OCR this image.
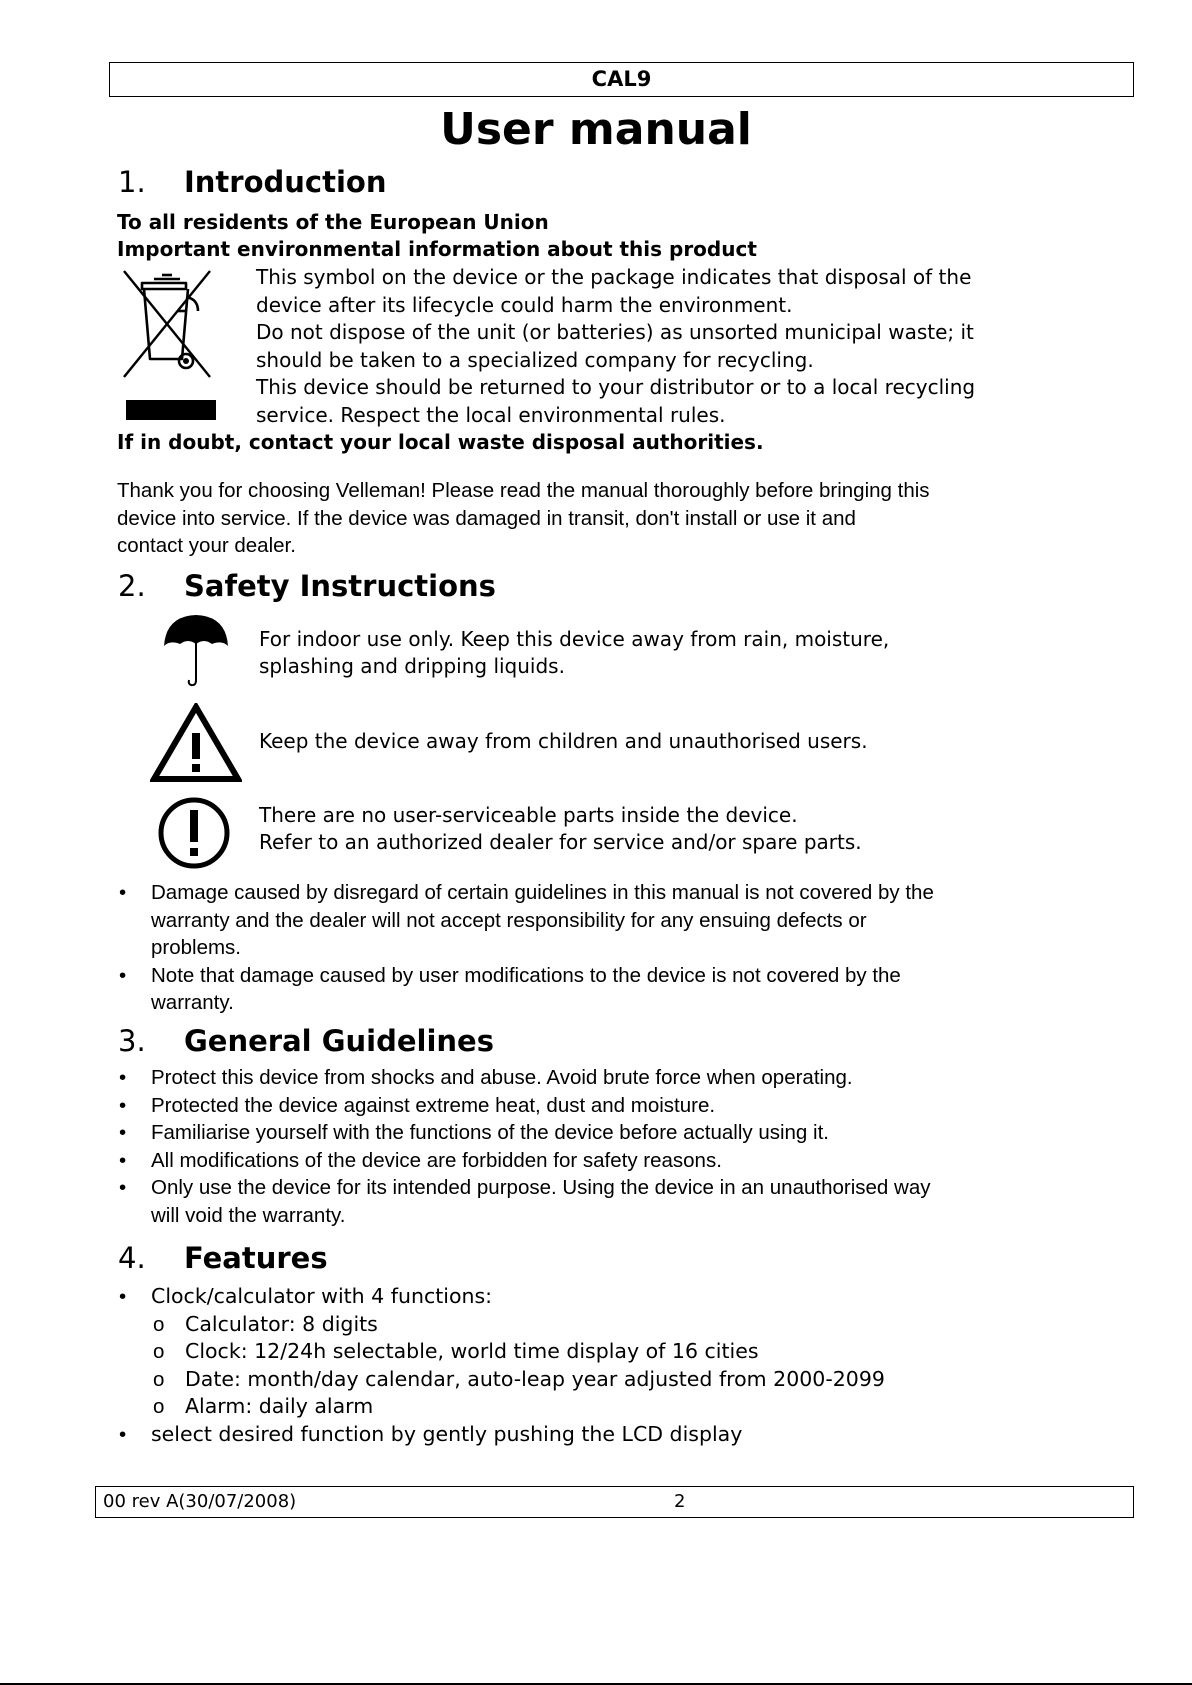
CAL9
User manual
1. Introduction
To all residents of the European Union
Important environmental information about this product
This symbol on the device or the package indicates that disposal of the
device after its lifecycle could harm the environment.
Do not dispose of the unit (or batteries) as unsorted municipal waste; it
should be taken to a specialized company for recycling.
This device should be returned to your distributor or to a local recycling
service. Respect the local environmental rules.
If in doubt, contact your local waste disposal authorities.
Thank you for choosing Velleman! Please read the manual thoroughly before bringing this
device into service. If the device was damaged in transit, don't install or use it and
contact your dealer.
2. Safety Instructions
For indoor use only. Keep this device away from rain, moisture,
splashing and dripping liquids.
Keep the device away from children and unauthorised users.
There are no user-serviceable parts inside the device.
Refer to an authorized dealer for service and/or spare parts.
• Damage caused by disregard of certain guidelines in this manual is not covered by the
warranty and the dealer will not accept responsibility for any ensuing defects or
problems.
• Note that damage caused by user modifications to the device is not covered by the
warranty.
3. General Guidelines
• Protect this device from shocks and abuse. Avoid brute force when operating.
• Protected the device against extreme heat, dust and moisture.
• Familiarise yourself with the functions of the device before actually using it.
• All modifications of the device are forbidden for safety reasons.
• Only use the device for its intended purpose. Using the device in an unauthorised way
will void the warranty.
4. Features
• Clock/calculator with 4 functions:
o Calculator: 8 digits
o Clock: 12/24h selectable, world time display of 16 cities
o Date: month/day calendar, auto-leap year adjusted from 2000-2099
o Alarm: daily alarm
• select desired function by gently pushing the LCD display
00 rev A(30/07/2008)	2
